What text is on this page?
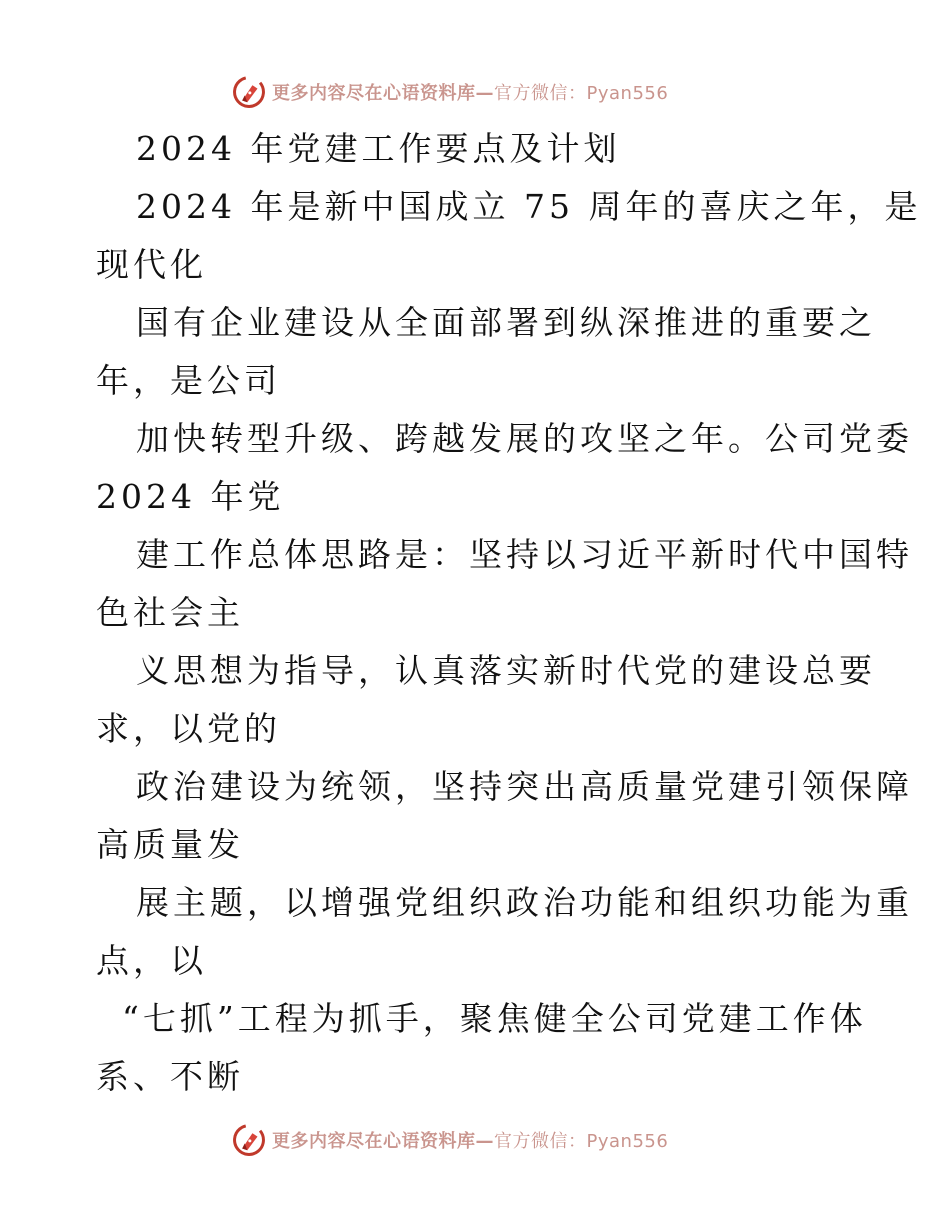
更多内容尽在心语资料库—官方微信：Pyan556
2024 年党建工作要点及计划
2024 年是新中国成立 75 周年的喜庆之年，是
现代化
国有企业建设从全面部署到纵深推进的重要之
年，是公司
加快转型升级、跨越发展的攻坚之年。公司党委
2024 年党
建工作总体思路是：坚持以习近平新时代中国特
色社会主
义思想为指导，认真落实新时代党的建设总要
求，以党的
政治建设为统领，坚持突出高质量党建引领保障
高质量发
展主题，以增强党组织政治功能和组织功能为重
点，以
“七抓”工程为抓手，聚焦健全公司党建工作体
系、不断
更多内容尽在心语资料库—官方微信：Pyan556
